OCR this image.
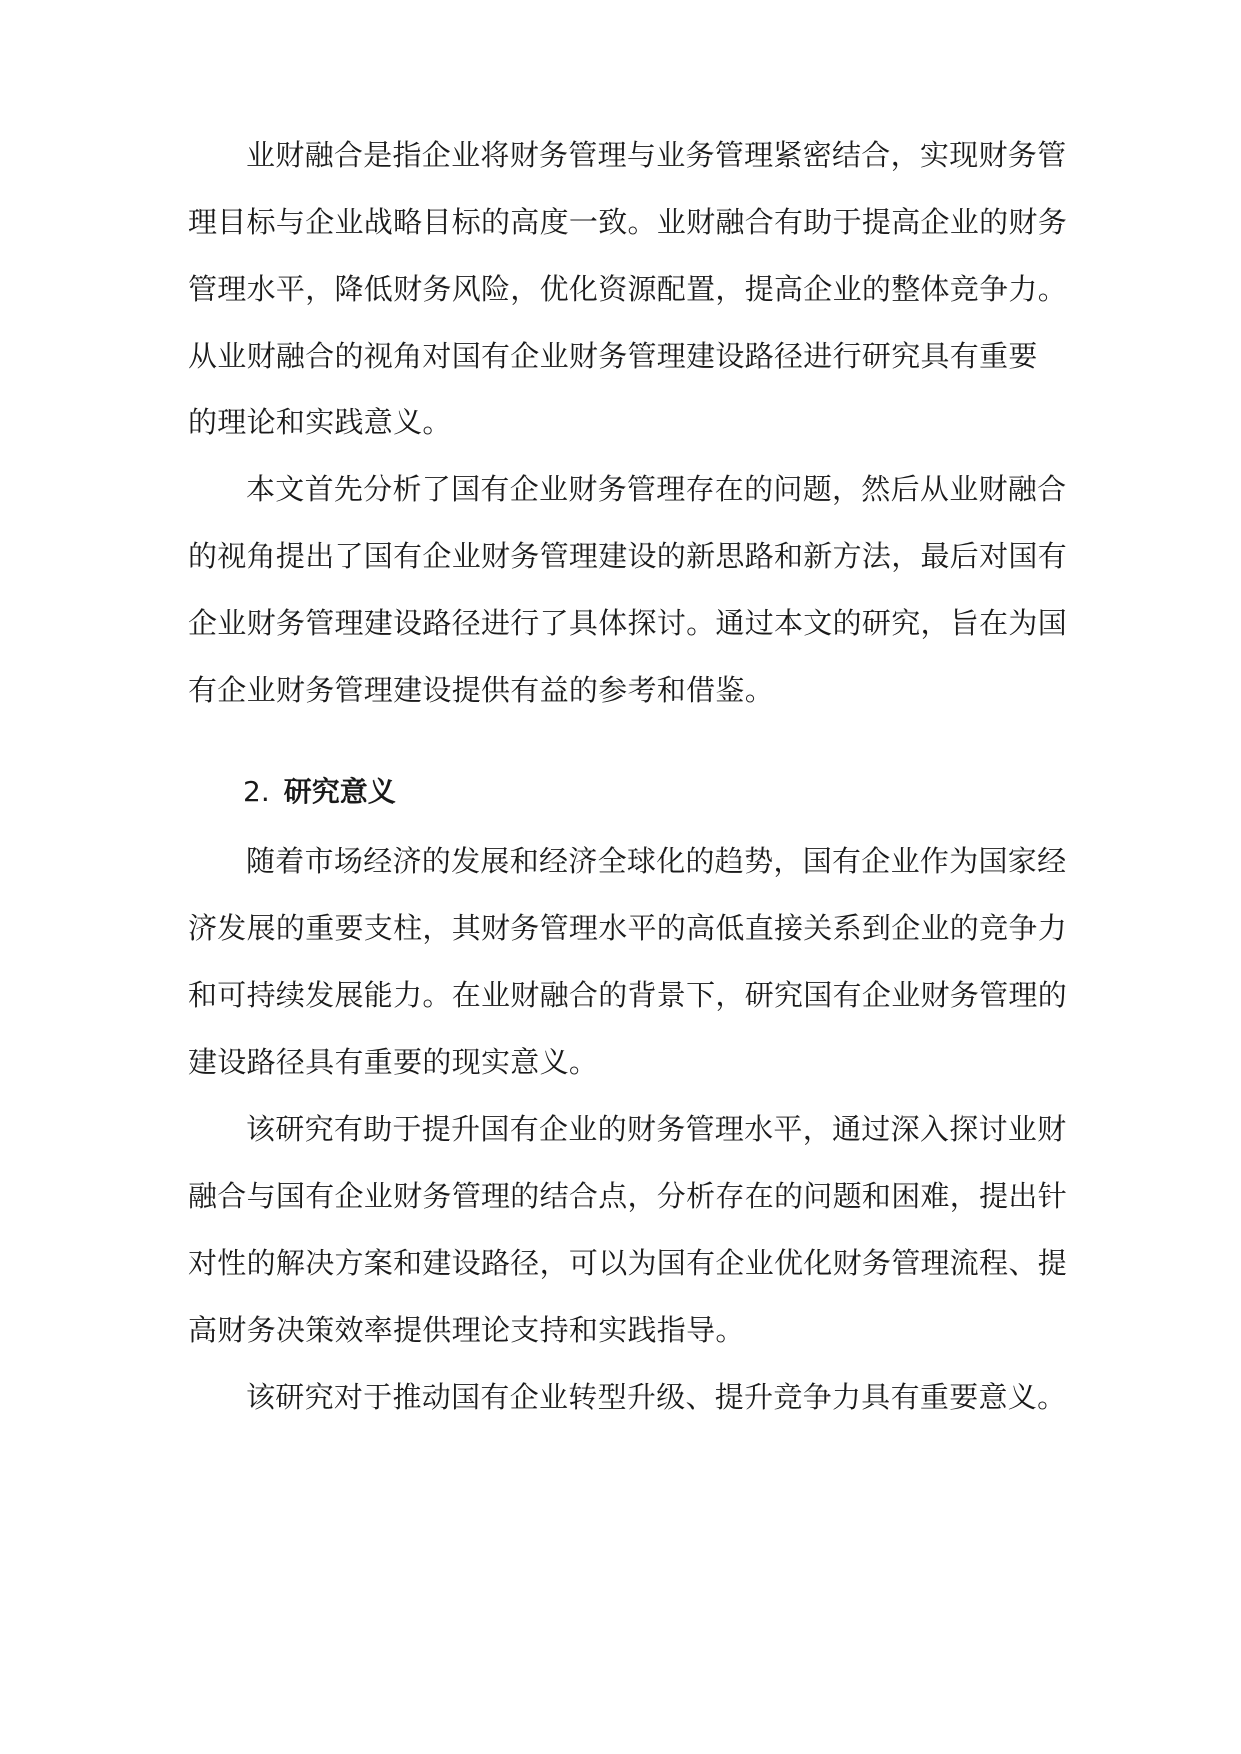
业财融合是指企业将财务管理与业务管理紧密结合，实现财务管
理目标与企业战略目标的高度一致。业财融合有助于提高企业的财务
管理水平，降低财务风险，优化资源配置，提高企业的整体竞争力。
从业财融合的视角对国有企业财务管理建设路径进行研究具有重要
的理论和实践意义。
本文首先分析了国有企业财务管理存在的问题，然后从业财融合
的视角提出了国有企业财务管理建设的新思路和新方法，最后对国有
企业财务管理建设路径进行了具体探讨。通过本文的研究，旨在为国
有企业财务管理建设提供有益的参考和借鉴。
2. 研究意义
随着市场经济的发展和经济全球化的趋势，国有企业作为国家经
济发展的重要支柱，其财务管理水平的高低直接关系到企业的竞争力
和可持续发展能力。在业财融合的背景下，研究国有企业财务管理的
建设路径具有重要的现实意义。
该研究有助于提升国有企业的财务管理水平，通过深入探讨业财
融合与国有企业财务管理的结合点，分析存在的问题和困难，提出针
对性的解决方案和建设路径，可以为国有企业优化财务管理流程、提
高财务决策效率提供理论支持和实践指导。
该研究对于推动国有企业转型升级、提升竞争力具有重要意义。
